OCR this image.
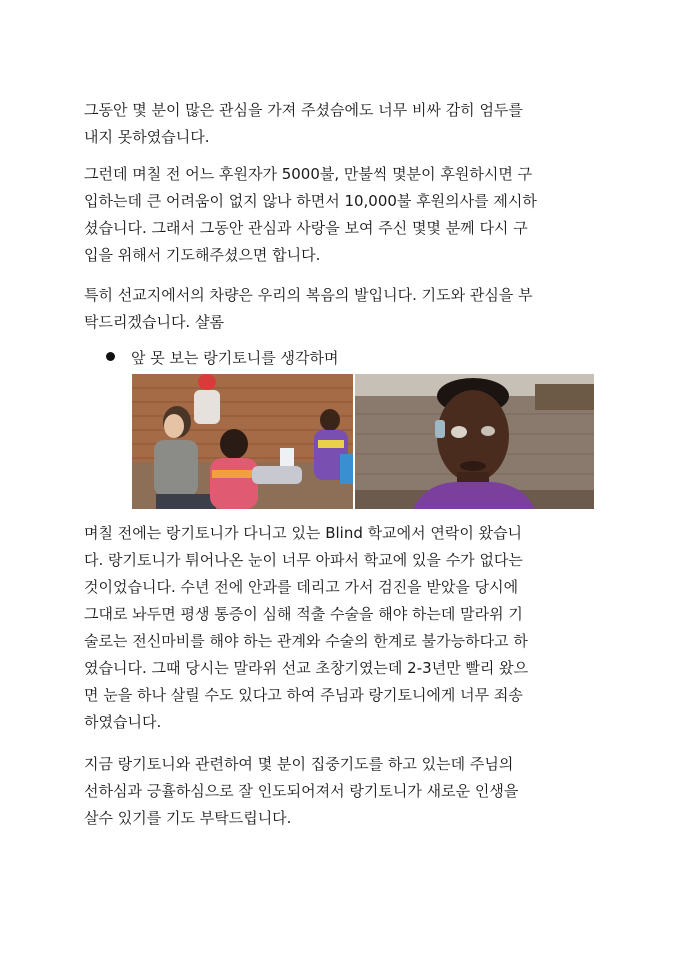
그동안 몇 분이 많은 관심을 가져 주셨슴에도 너무 비싸 감히 엄두를
내지 못하였습니다.
그런데 며칠 전 어느 후원자가 5000불, 만불씩 몇분이 후원하시면 구
입하는데 큰 어려움이 없지 않나 하면서 10,000불 후원의사를 제시하
셨습니다. 그래서 그동안 관심과 사랑을 보여 주신 몇몇 분께 다시 구
입을 위해서 기도해주셨으면 합니다.
특히 선교지에서의 차량은 우리의 복음의 발입니다. 기도와 관심을 부
탁드리겠습니다. 샬롬
앞 못 보는 랑기토니를 생각하며
며칠 전에는 랑기토니가 다니고 있는 Blind 학교에서 연락이 왔습니
다. 랑기토니가 튀어나온 눈이 너무 아파서 학교에 있을 수가 없다는
것이었습니다. 수년 전에 안과를 데리고 가서 검진을 받았을 당시에
그대로 놔두면 평생 통증이 심해 적출 수술을 해야 하는데 말라위 기
술로는 전신마비를 해야 하는 관계와 수술의 한계로 불가능하다고 하
였습니다. 그때 당시는 말라위 선교 초창기였는데 2-3년만 빨리 왔으
면 눈을 하나 살릴 수도 있다고 하여 주님과 랑기토니에게 너무 죄송
하였습니다.
지금 랑기토니와 관련하여 몇 분이 집중기도를 하고 있는데 주님의
선하심과 긍휼하심으로 잘 인도되어져서 랑기토니가 새로운 인생을
살수 있기를 기도 부탁드립니다.
